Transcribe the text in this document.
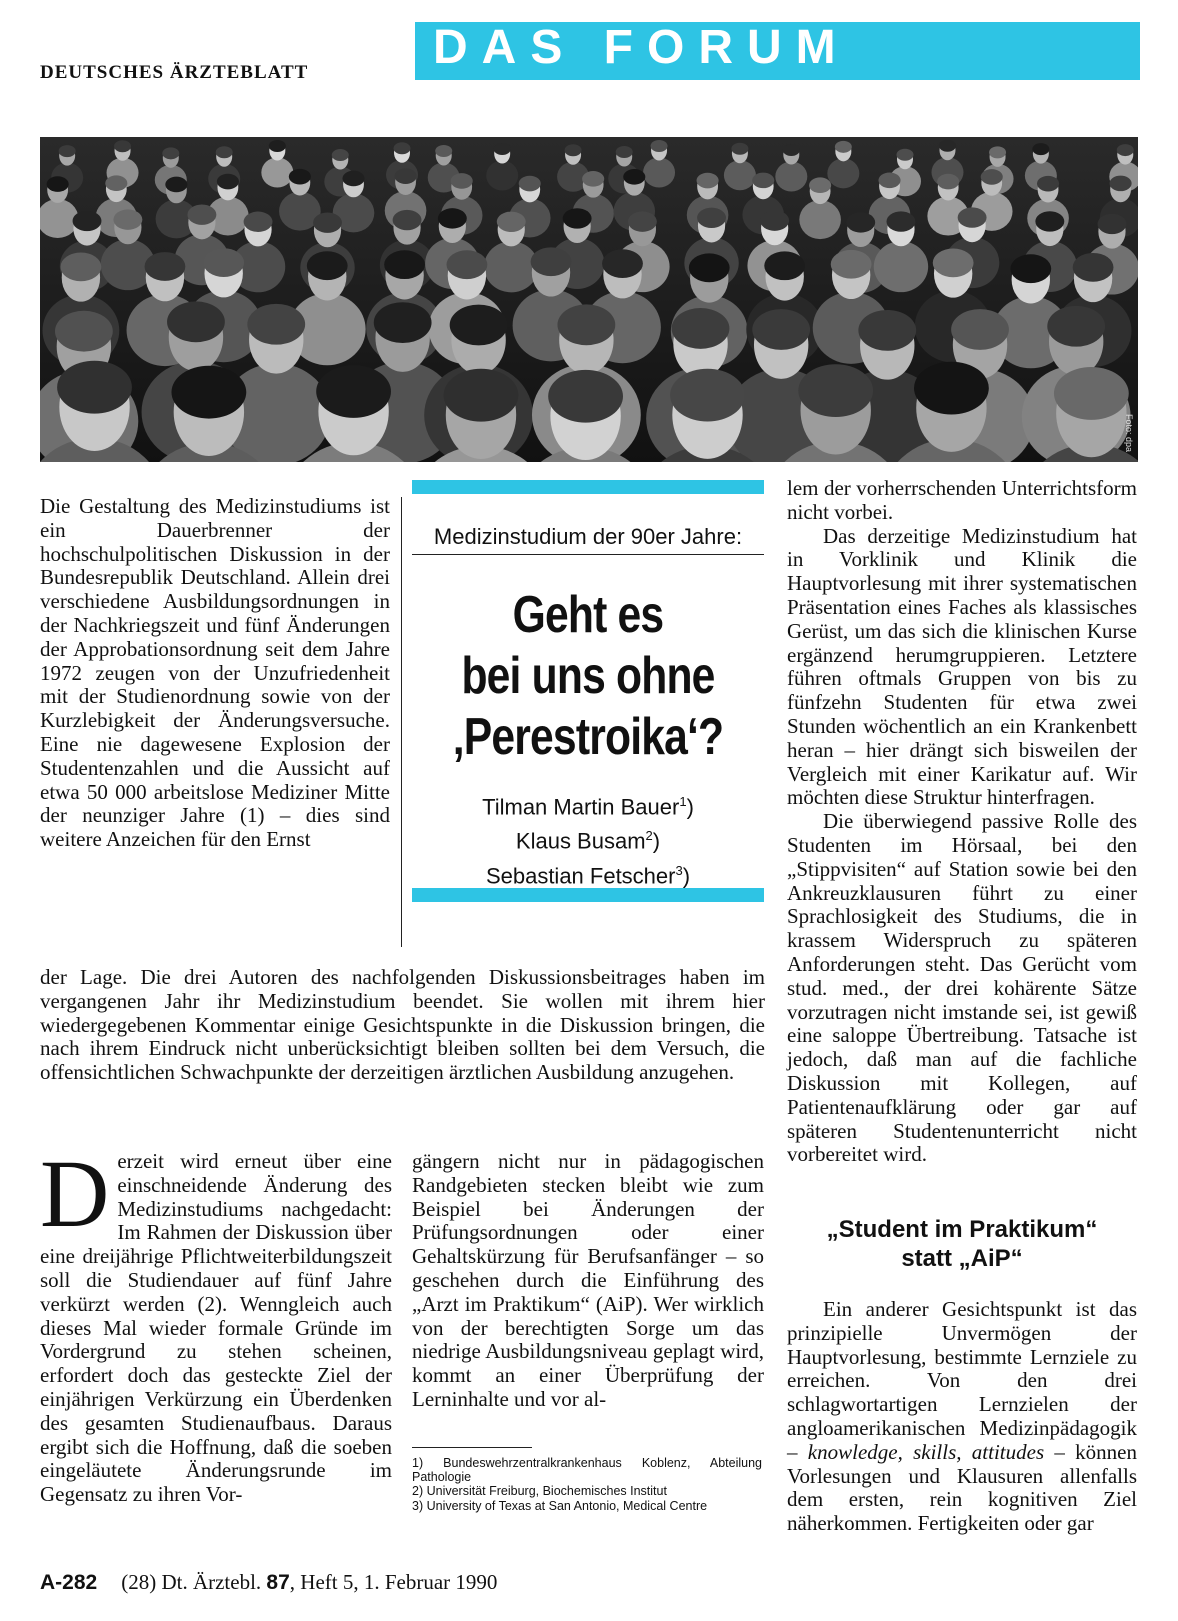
DEUTSCHES ÄRZTEBLATT	DAS FORUM
Foto: dpa

Die Gestaltung des Medizinstudiums ist ein Dauerbrenner der hochschulpolitischen Diskussion in der Bundesrepublik Deutschland. Allein drei verschiedene Ausbildungsordnungen in der Nachkriegszeit und fünf Änderungen der Approbationsordnung seit dem Jahre 1972 zeugen von der Unzufriedenheit mit der Studienordnung sowie von der Kurzlebigkeit der Änderungsversuche. Eine nie dagewesene Explosion der Studentenzahlen und die Aussicht auf etwa 50 000 arbeitslose Mediziner Mitte der neunziger Jahre (1) – dies sind weitere Anzeichen für den Ernst

der Lage. Die drei Autoren des nachfolgenden Diskussionsbeitrages haben im vergangenen Jahr ihr Medizinstudium beendet. Sie wollen mit ihrem hier wiedergegebenen Kommentar einige Gesichtspunkte in die Diskussion bringen, die nach ihrem Eindruck nicht unberücksichtigt bleiben sollten bei dem Versuch, die offensichtlichen Schwachpunkte der derzeitigen ärztlichen Ausbildung anzugehen.

Medizinstudium der 90er Jahre:
Geht es
bei uns ohne
‚Perestroika‘?
Tilman Martin Bauer$^1$)
Klaus Busam$^2$)
Sebastian Fetscher$^3$)

lem der vorherrschenden Unterrichtsform nicht vorbei.

Das derzeitige Medizinstudium hat in Vorklinik und Klinik die Hauptvorlesung mit ihrer systematischen Präsentation eines Faches als klassisches Gerüst, um das sich die klinischen Kurse ergänzend herumgruppieren. Letztere führen oftmals Gruppen von bis zu fünfzehn Studenten für etwa zwei Stunden wöchentlich an ein Krankenbett heran – hier drängt sich bisweilen der Vergleich mit einer Karikatur auf. Wir möchten diese Struktur hinterfragen.

Die überwiegend passive Rolle des Studenten im Hörsaal, bei den „Stippvisiten“ auf Station sowie bei den Ankreuzklausuren führt zu einer Sprachlosigkeit des Studiums, die in krassem Widerspruch zu späteren Anforderungen steht. Das Gerücht vom stud. med., der drei kohärente Sätze vorzutragen nicht imstande sei, ist gewiß eine saloppe Übertreibung. Tatsache ist jedoch, daß man auf die fachliche Diskussion mit Kollegen, auf Patientenaufklärung oder gar auf späteren Studentenunterricht nicht vorbereitet wird.

„Student im Praktikum“
statt „AiP“

Ein anderer Gesichtspunkt ist das prinzipielle Unvermögen der Hauptvorlesung, bestimmte Lernziele zu erreichen. Von den drei schlagwortartigen Lernzielen der angloamerikanischen Medizinpädagogik – knowledge, skills, attitudes – können Vorlesungen und Klausuren allenfalls dem ersten, rein kognitiven Ziel näherkommen. Fertigkeiten oder gar

Derzeit wird erneut über eine einschneidende Änderung des Medizinstudiums nachgedacht: Im Rahmen der Diskussion über eine dreijährige Pflichtweiterbildungszeit soll die Studiendauer auf fünf Jahre verkürzt werden (2). Wenngleich auch dieses Mal wieder formale Gründe im Vordergrund zu stehen scheinen, erfordert doch das gesteckte Ziel der einjährigen Verkürzung ein Überdenken des gesamten Studienaufbaus. Daraus ergibt sich die Hoffnung, daß die soeben eingeläutete Änderungsrunde im Gegensatz zu ihren Vor-

gängern nicht nur in pädagogischen Randgebieten stecken bleibt wie zum Beispiel bei Änderungen der Prüfungsordnungen oder einer Gehaltskürzung für Berufsanfänger – so geschehen durch die Einführung des „Arzt im Praktikum“ (AiP). Wer wirklich von der berechtigten Sorge um das niedrige Ausbildungsniveau geplagt wird, kommt an einer Überprüfung der Lerninhalte und vor al-

1) Bundeswehrzentralkrankenhaus Koblenz, Abteilung Pathologie
2) Universität Freiburg, Biochemisches Institut
3) University of Texas at San Antonio, Medical Centre
A-282 (28) Dt. Ärztebl. 87, Heft 5, 1. Februar 1990
